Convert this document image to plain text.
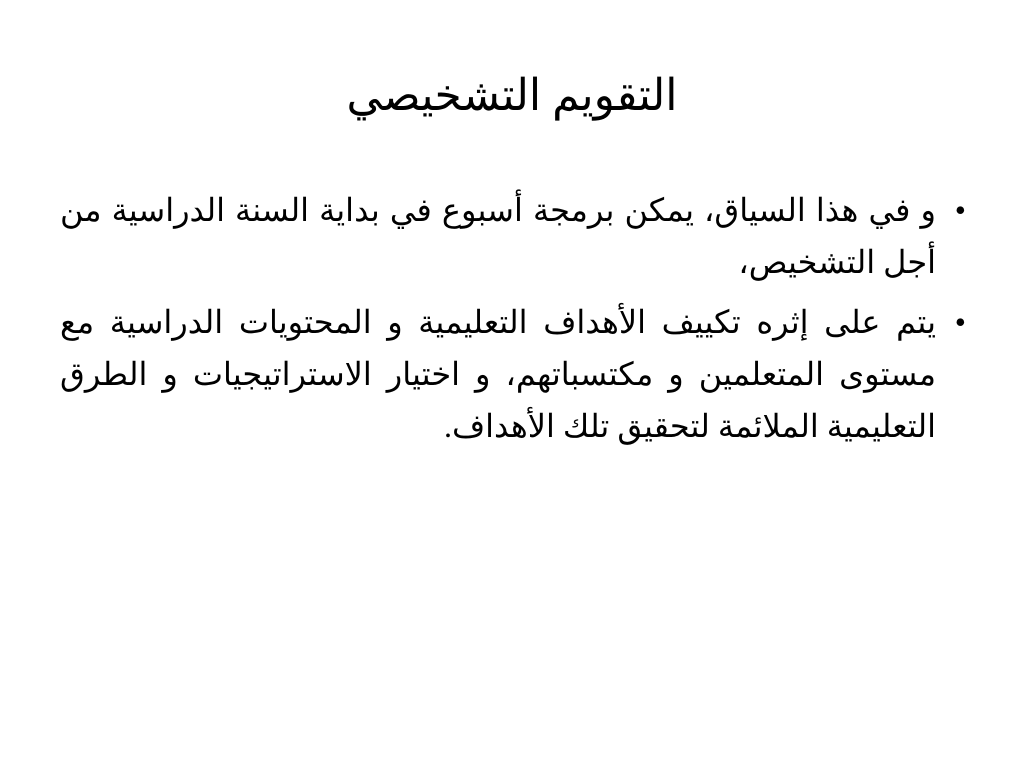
التقويم التشخيصي
•
و في هذا السياق، يمكن برمجة أسبوع في بداية السنة الدراسية من أجل التشخيص،
•
يتم على إثره تكييف الأهداف التعليمية و المحتويات الدراسية مع مستوى المتعلمين و مكتسباتهم، و اختيار الاستراتيجيات و الطرق التعليمية الملائمة لتحقيق تلك الأهداف.
